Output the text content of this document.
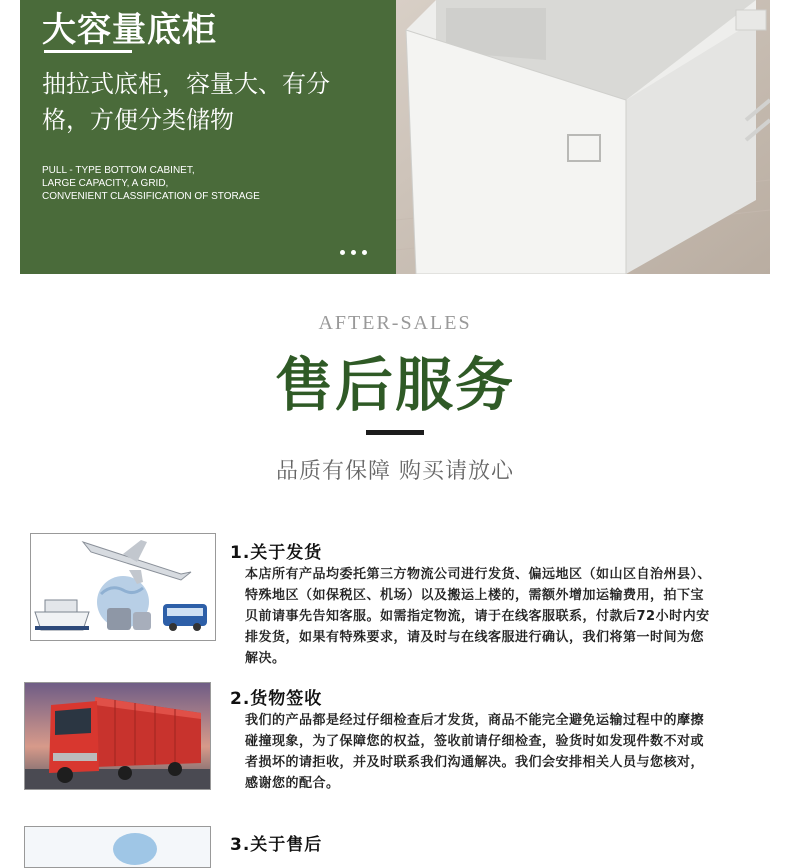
大容量底柜
抽拉式底柜，容量大、有分格，方便分类储物
PULL - TYPE BOTTOM CABINET,
LARGE CAPACITY, A GRID,
CONVENIENT CLASSIFICATION OF STORAGE
AFTER-SALES
售后服务
品质有保障 购买请放心
1.关于发货
本店所有产品均委托第三方物流公司进行发货、偏远地区（如山区自治州县）、特殊地区（如保税区、机场）以及搬运上楼的，需额外增加运输费用，拍下宝贝前请事先告知客服。如需指定物流，请于在线客服联系，付款后72小时内安排发货，如果有特殊要求，请及时与在线客服进行确认，我们将第一时间为您解决。
2.货物签收
我们的产品都是经过仔细检查后才发货，商品不能完全避免运输过程中的摩擦碰撞现象，为了保障您的权益，签收前请仔细检查，验货时如发现件数不对或者损坏的请拒收，并及时联系我们沟通解决。我们会安排相关人员与您核对，感谢您的配合。
3.关于售后
